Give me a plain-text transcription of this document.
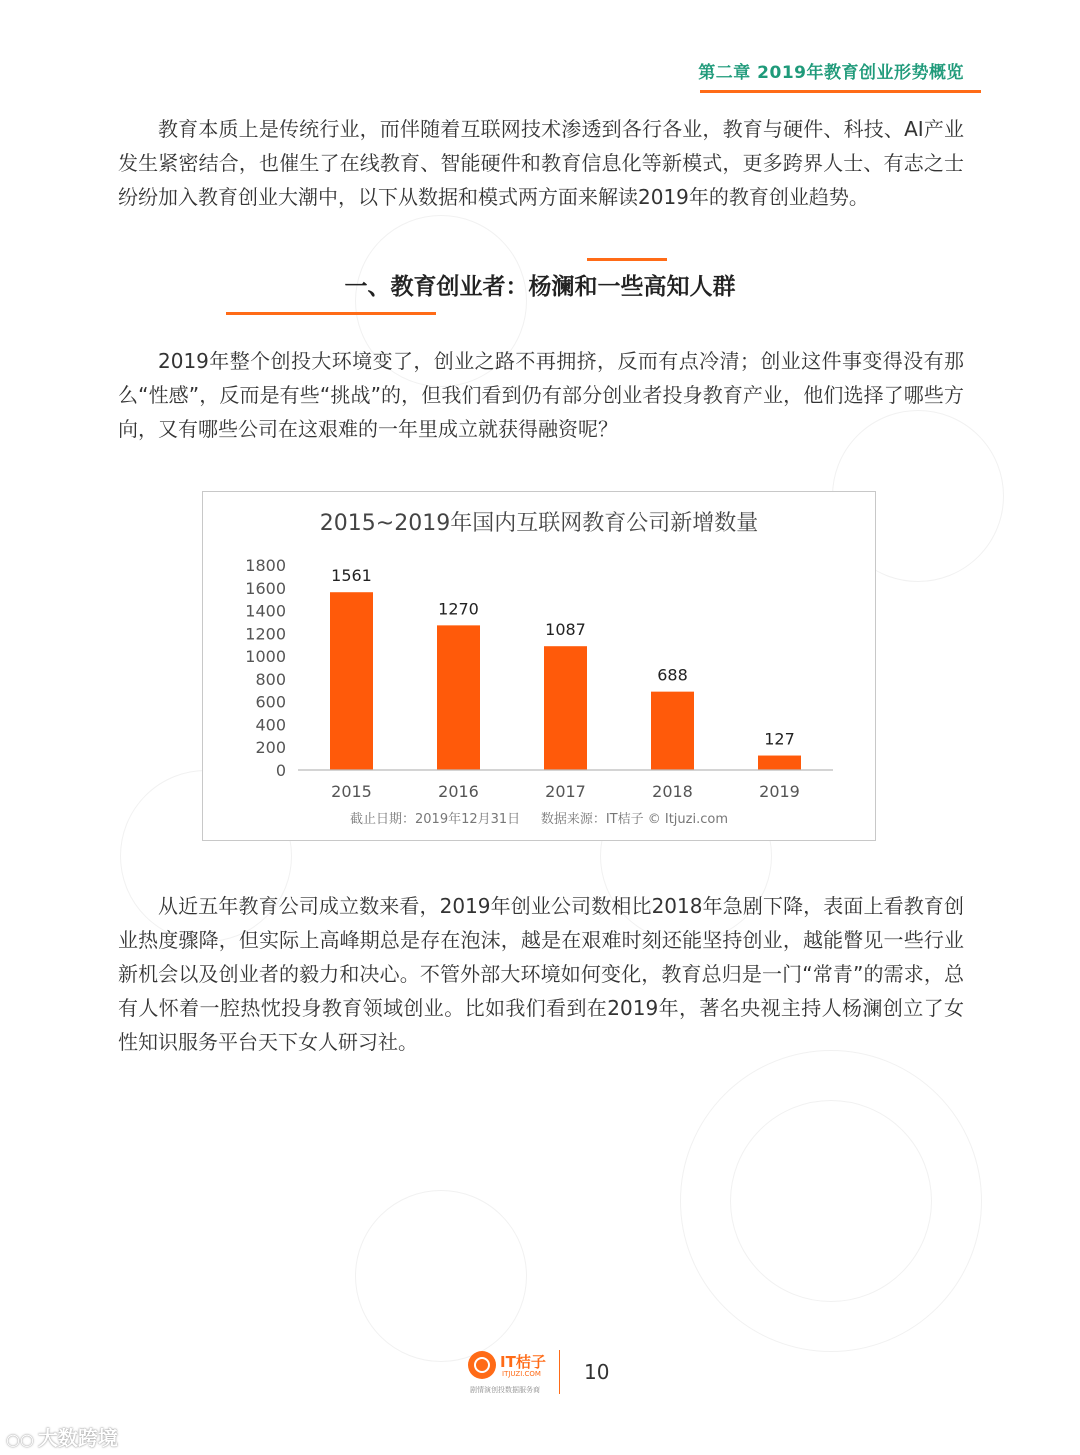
第二章 2019年教育创业形势概览

教育本质上是传统行业，而伴随着互联网技术渗透到各行各业，教育与硬件、科技、AI产业发生紧密结合，也催生了在线教育、智能硬件和教育信息化等新模式，更多跨界人士、有志之士纷纷加入教育创业大潮中，以下从数据和模式两方面来解读2019年的教育创业趋势。

一、教育创业者：杨澜和一些高知人群

2019年整个创投大环境变了，创业之路不再拥挤，反而有点冷清；创业这件事变得没有那么“性感”，反而是有些“挑战”的，但我们看到仍有部分创业者投身教育产业，他们选择了哪些方向，又有哪些公司在这艰难的一年里成立就获得融资呢？

2015~2019年国内互联网教育公司新增数量
0
200
400
600
800
1000
1200
1400
1600
1800
1561
1270
1087
688
127
2015	2016	2017	2018	2019
截止日期：2019年12月31日     数据来源：IT桔子 © Itjuzi.com

从近五年教育公司成立数来看，2019年创业公司数相比2018年急剧下降，表面上看教育创业热度骤降，但实际上高峰期总是存在泡沫，越是在艰难时刻还能坚持创业，越能瞥见一些行业新机会以及创业者的毅力和决心。不管外部大环境如何变化，教育总归是一门“常青”的需求，总有人怀着一腔热忱投身教育领域创业。比如我们看到在2019年，著名央视主持人杨澜创立了女性知识服务平台天下女人研习社。

IT桔子
ITJUZI.COM
剧情演创投数据服务商
10
○○ 大数跨境
